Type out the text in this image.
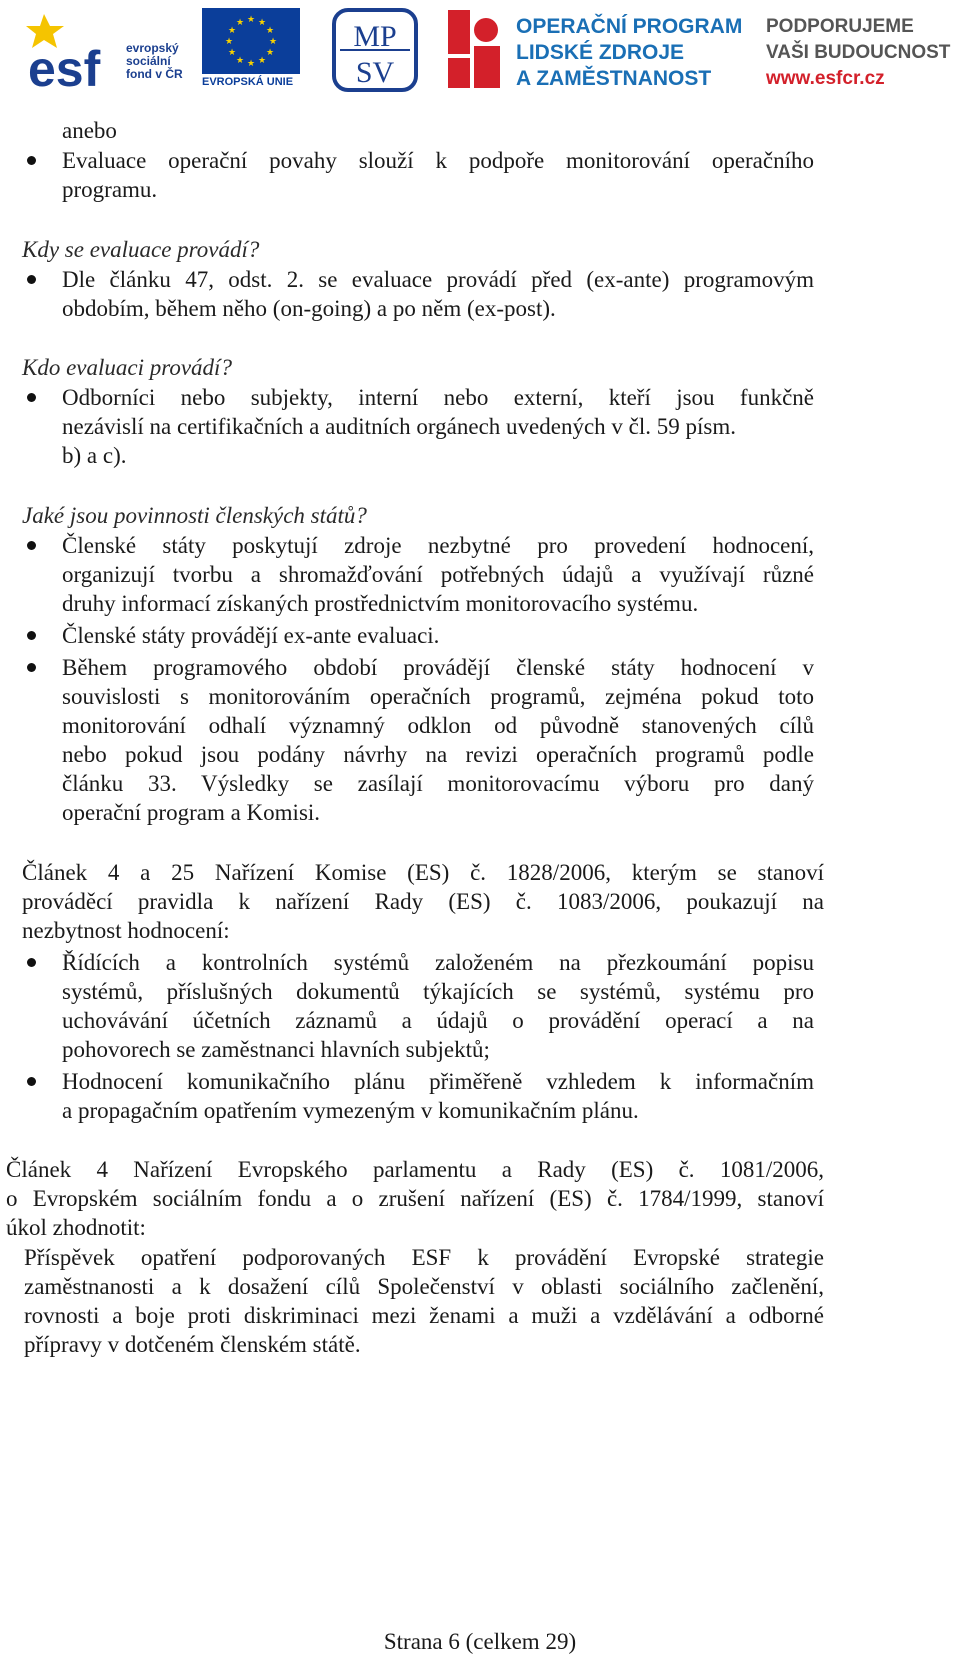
esf evropský
sociální
fond v ČR
★ ★
★
★
★
★
★
★
★
★
★
★
EVROPSKÁ UNIE
MP
SV
OPERAČNÍ PROGRAM
LIDSKÉ ZDROJE
A ZAMĚSTNANOST
PODPORUJEME
VAŠI BUDOUCNOST
www.esfcr.cz
anebo
Evaluace operační povahy slouží k podpoře monitorování operačního
programu.
Kdy se evaluace provádí?
Dle článku 47, odst. 2. se evaluace provádí před (ex-ante) programovým
obdobím, během něho (on-going) a po něm (ex-post).
Kdo evaluaci provádí?
Odborníci nebo subjekty, interní nebo externí, kteří jsou funkčně
nezávislí na certifikačních a auditních orgánech uvedených v čl. 59 písm.
b) a c).
Jaké jsou povinnosti členských států?
Členské státy poskytují zdroje nezbytné pro provedení hodnocení,
organizují tvorbu a shromažďování potřebných údajů a využívají různé
druhy informací získaných prostřednictvím monitorovacího systému.
Členské státy provádějí ex-ante evaluaci.
Během programového období provádějí členské státy hodnocení v
souvislosti s monitorováním operačních programů, zejména pokud toto
monitorování odhalí významný odklon od původně stanovených cílů
nebo pokud jsou podány návrhy na revizi operačních programů podle
článku 33. Výsledky se zasílají monitorovacímu výboru pro daný
operační program a Komisi.
Článek 4 a 25 Nařízení Komise (ES) č. 1828/2006, kterým se stanoví
prováděcí pravidla k nařízení Rady (ES) č. 1083/2006, poukazují na
nezbytnost hodnocení:
Řídících a kontrolních systémů založeném na přezkoumání popisu
systémů, příslušných dokumentů týkajících se systémů, systému pro
uchovávání účetních záznamů a údajů o provádění operací a na
pohovorech se zaměstnanci hlavních subjektů;
Hodnocení komunikačního plánu přiměřeně vzhledem k informačním
a propagačním opatřením vymezeným v komunikačním plánu.
Článek 4 Nařízení Evropského parlamentu a Rady (ES) č. 1081/2006,
o Evropském sociálním fondu a o zrušení nařízení (ES) č. 1784/1999, stanoví
úkol zhodnotit:
Příspěvek opatření podporovaných ESF k provádění Evropské strategie
zaměstnanosti a k dosažení cílů Společenství v oblasti sociálního začlenění,
rovnosti a boje proti diskriminaci mezi ženami a muži a vzdělávání a odborné
přípravy v dotčeném členském státě.
Strana 6 (celkem 29)
